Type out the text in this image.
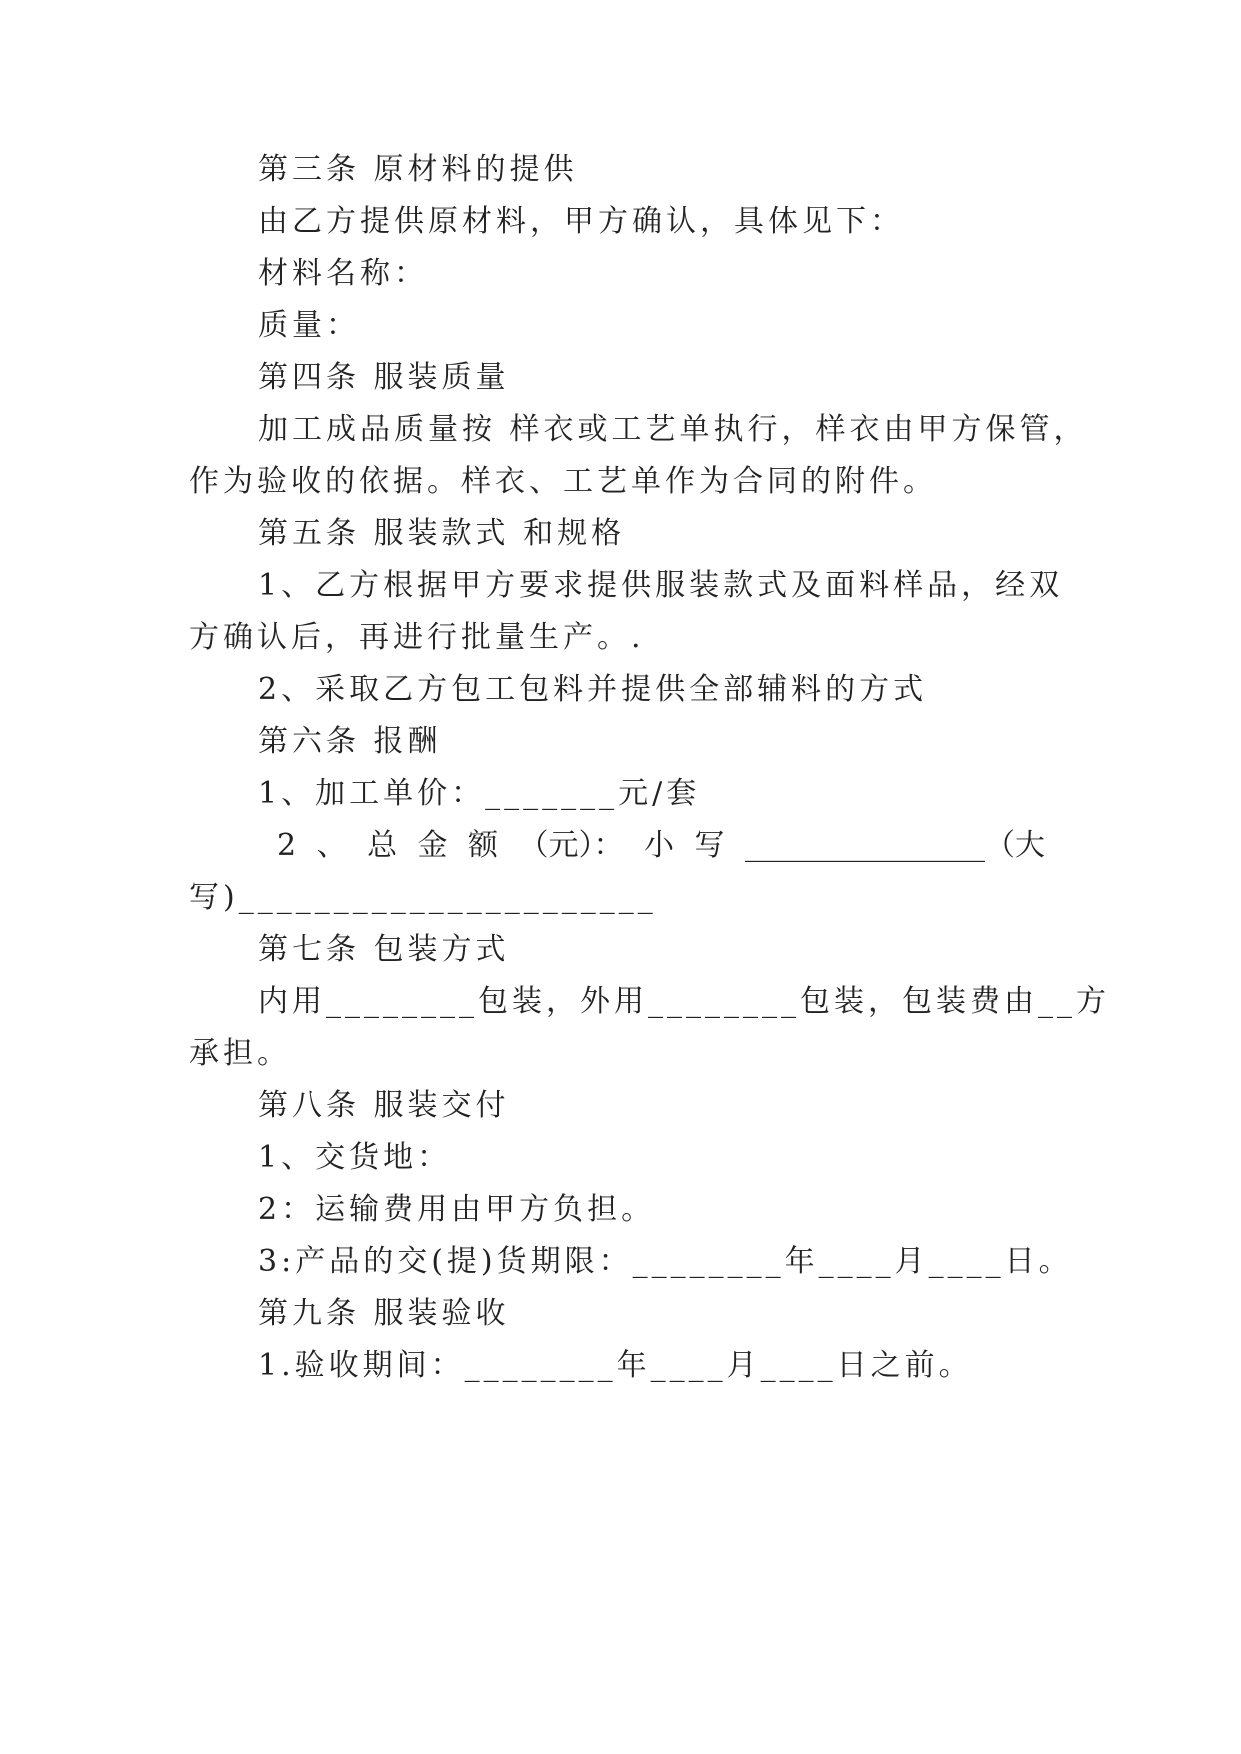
第三条 原材料的提供
由乙方提供原材料，甲方确认，具体见下：
材料名称：
质量：
第四条 服装质量
加工成品质量按 样衣或工艺单执行，样衣由甲方保管，
作为验收的依据。样衣、工艺单作为合同的附件。
第五条 服装款式 和规格
1、乙方根据甲方要求提供服装款式及面料样品，经双
方确认后，再进行批量生产。.
2、采取乙方包工包料并提供全部辅料的方式
第六条 报酬
1、加工单价：_______元/套
2 、 总 金 额 （元）： 小 写 ________________（大
写)______________________
第七条 包装方式
内用________包装，外用________包装，包装费由__方
承担。
第八条 服装交付
1、交货地：
2：运输费用由甲方负担。
3:产品的交(提)货期限：________年____月____日。
第九条 服装验收
1.验收期间：________年____月____日之前。
